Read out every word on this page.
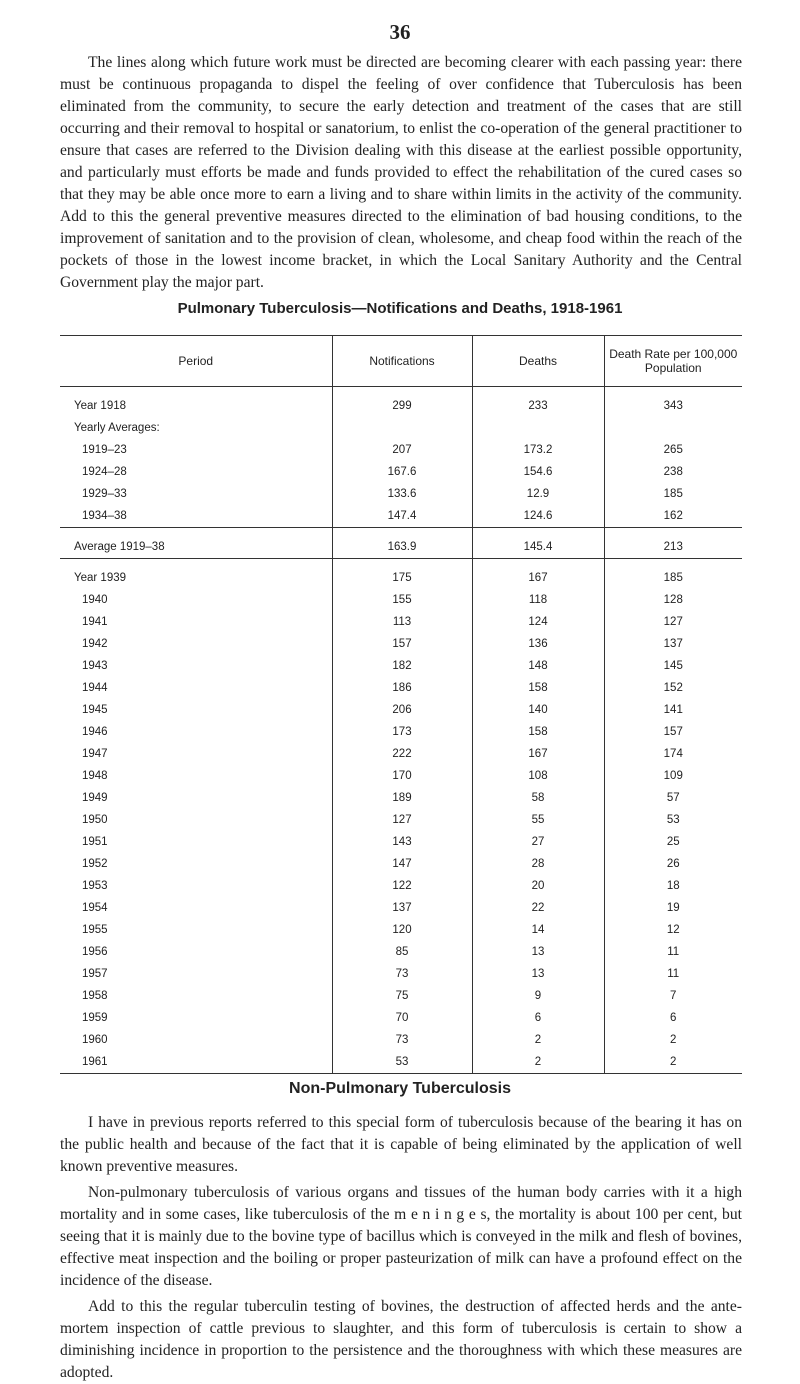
36

The lines along which future work must be directed are becoming clearer with each passing year: there must be continuous propaganda to dispel the feeling of over confidence that Tuberculosis has been eliminated from the community, to secure the early detection and treatment of the cases that are still occurring and their removal to hospital or sanatorium, to enlist the co-operation of the general practitioner to ensure that cases are referred to the Division dealing with this disease at the earliest possible opportunity, and particularly must efforts be made and funds provided to effect the rehabilitation of the cured cases so that they may be able once more to earn a living and to share within limits in the activity of the community. Add to this the general preventive measures directed to the elimination of bad housing conditions, to the improvement of sanitation and to the provision of clean, wholesome, and cheap food within the reach of the pockets of those in the lowest income bracket, in which the Local Sanitary Authority and the Central Government play the major part.

Pulmonary Tuberculosis—Notifications and Deaths, 1918-1961
Period	Notifications	Deaths	Death Rate per 100,000 Population

Year 1918	299	233	343
Yearly Averages:			
1919–23	207	173.2	265
1924–28	167.6	154.6	238
1929–33	133.6	12.9	185
1934–38	147.4	124.6	162

Average 1919–38	163.9	145.4	213

Year 1939	175	167	185
1940	155	118	128
1941	113	124	127
1942	157	136	137
1943	182	148	145
1944	186	158	152
1945	206	140	141
1946	173	158	157
1947	222	167	174
1948	170	108	109
1949	189	58	57
1950	127	55	53
1951	143	27	25
1952	147	28	26
1953	122	20	18
1954	137	22	19
1955	120	14	12
1956	85	13	11
1957	73	13	11
1958	75	9	7
1959	70	6	6
1960	73	2	2
1961	53	2	2
Non-Pulmonary Tuberculosis

I have in previous reports referred to this special form of tuberculosis because of the bearing it has on the public health and because of the fact that it is capable of being eliminated by the application of well known preventive measures.

Non-pulmonary tuberculosis of various organs and tissues of the human body carries with it a high mortality and in some cases, like tuberculosis of the m e n i n g e s, the mortality is about 100 per cent, but seeing that it is mainly due to the bovine type of bacillus which is conveyed in the milk and flesh of bovines, effective meat inspection and the boiling or proper pasteurization of milk can have a profound effect on the incidence of the disease.

Add to this the regular tuberculin testing of bovines, the destruction of affected herds and the ante-mortem inspection of cattle previous to slaughter, and this form of tuberculosis is certain to show a diminishing incidence in proportion to the persistence and the thoroughness with which these measures are adopted.
